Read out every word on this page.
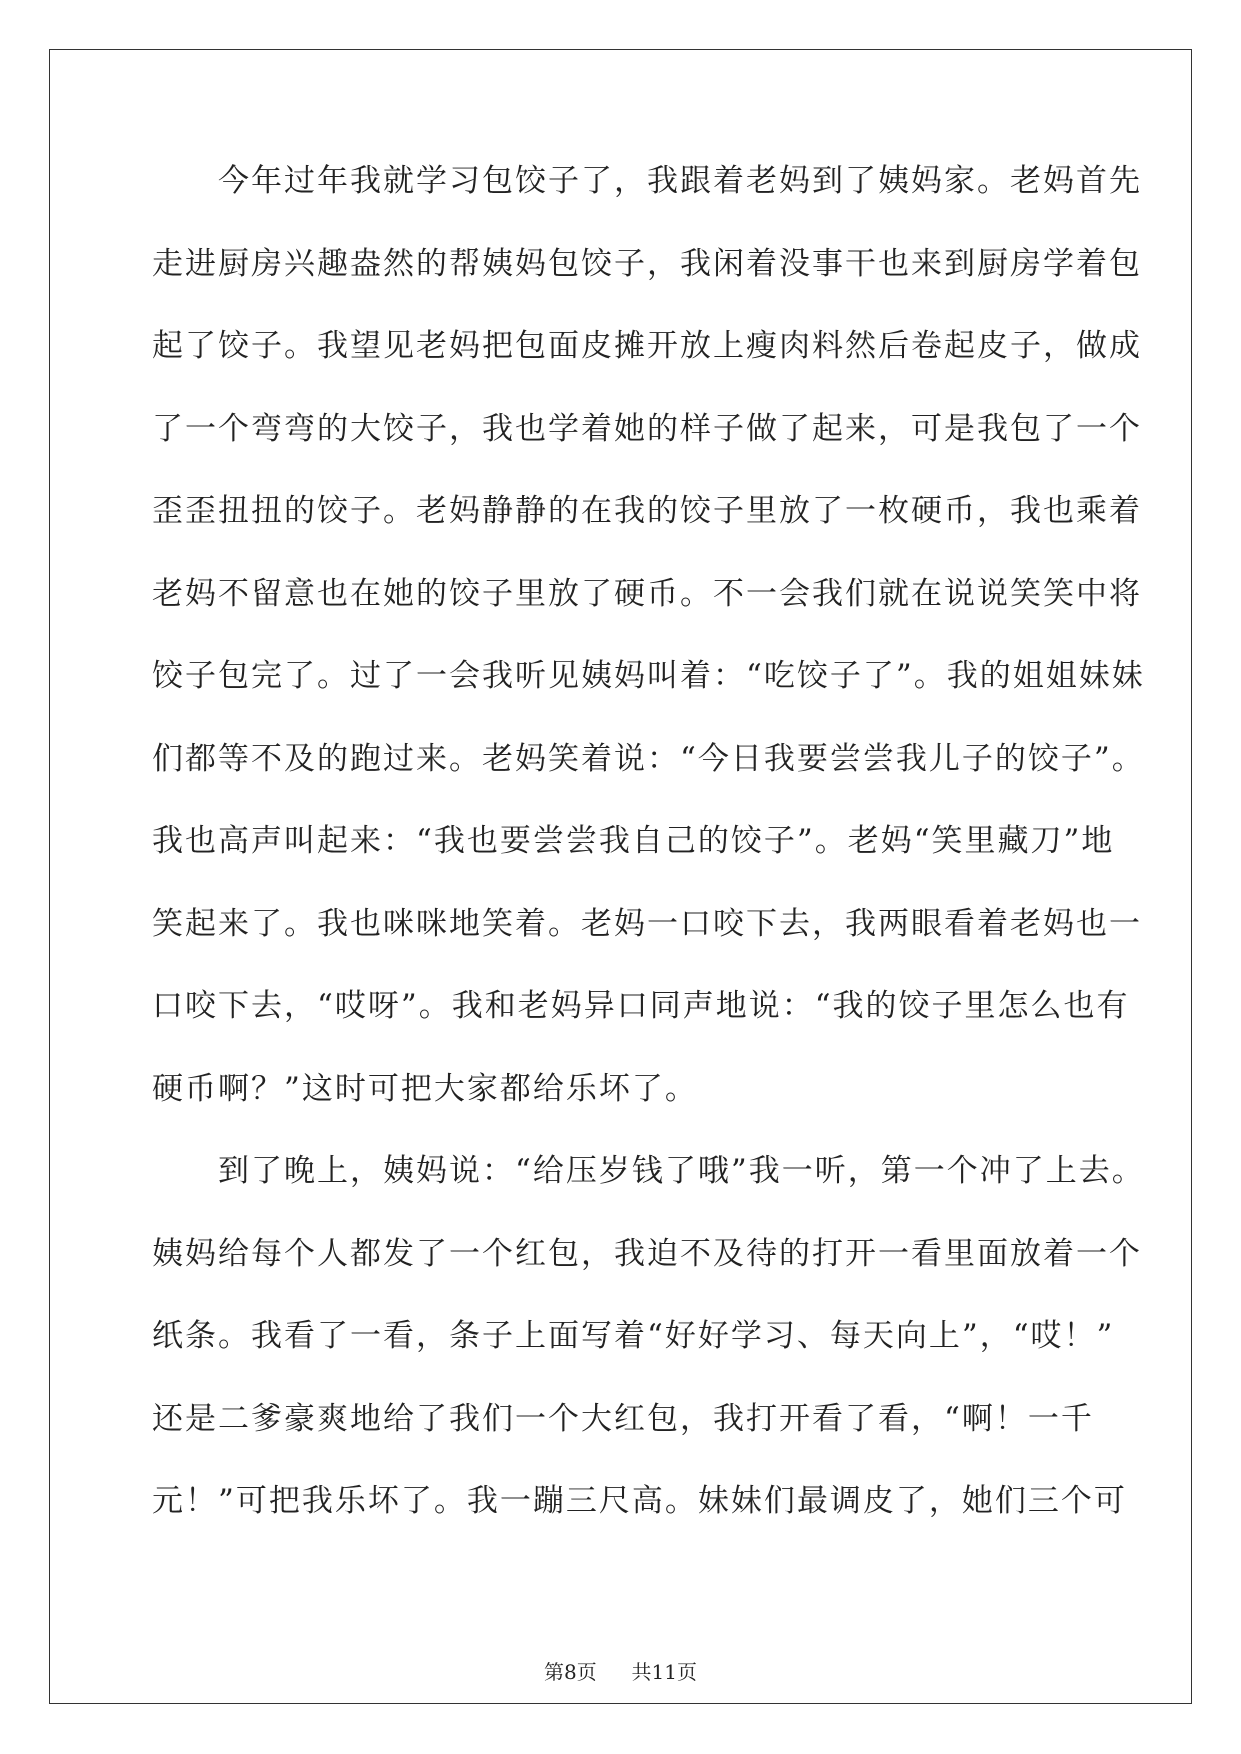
　　今年过年我就学习包饺子了，我跟着老妈到了姨妈家。老妈首先
走进厨房兴趣盎然的帮姨妈包饺子，我闲着没事干也来到厨房学着包
起了饺子。我望见老妈把包面皮摊开放上瘦肉料然后卷起皮子，做成
了一个弯弯的大饺子，我也学着她的样子做了起来，可是我包了一个
歪歪扭扭的饺子。老妈静静的在我的饺子里放了一枚硬币，我也乘着
老妈不留意也在她的饺子里放了硬币。不一会我们就在说说笑笑中将
饺子包完了。过了一会我听见姨妈叫着：“吃饺子了”。我的姐姐妹妹
们都等不及的跑过来。老妈笑着说：“今日我要尝尝我儿子的饺子”。
我也高声叫起来：“我也要尝尝我自己的饺子”。老妈“笑里藏刀”地
笑起来了。我也咪咪地笑着。老妈一口咬下去，我两眼看着老妈也一
口咬下去，“哎呀”。我和老妈异口同声地说：“我的饺子里怎么也有
硬币啊？”这时可把大家都给乐坏了。
　　到了晚上，姨妈说：“给压岁钱了哦”我一听，第一个冲了上去。
姨妈给每个人都发了一个红包，我迫不及待的打开一看里面放着一个
纸条。我看了一看，条子上面写着“好好学习、每天向上”，“哎！”
还是二爹豪爽地给了我们一个大红包，我打开看了看，“啊！一千
元！”可把我乐坏了。我一蹦三尺高。妹妹们最调皮了，她们三个可
第8页 共11页
